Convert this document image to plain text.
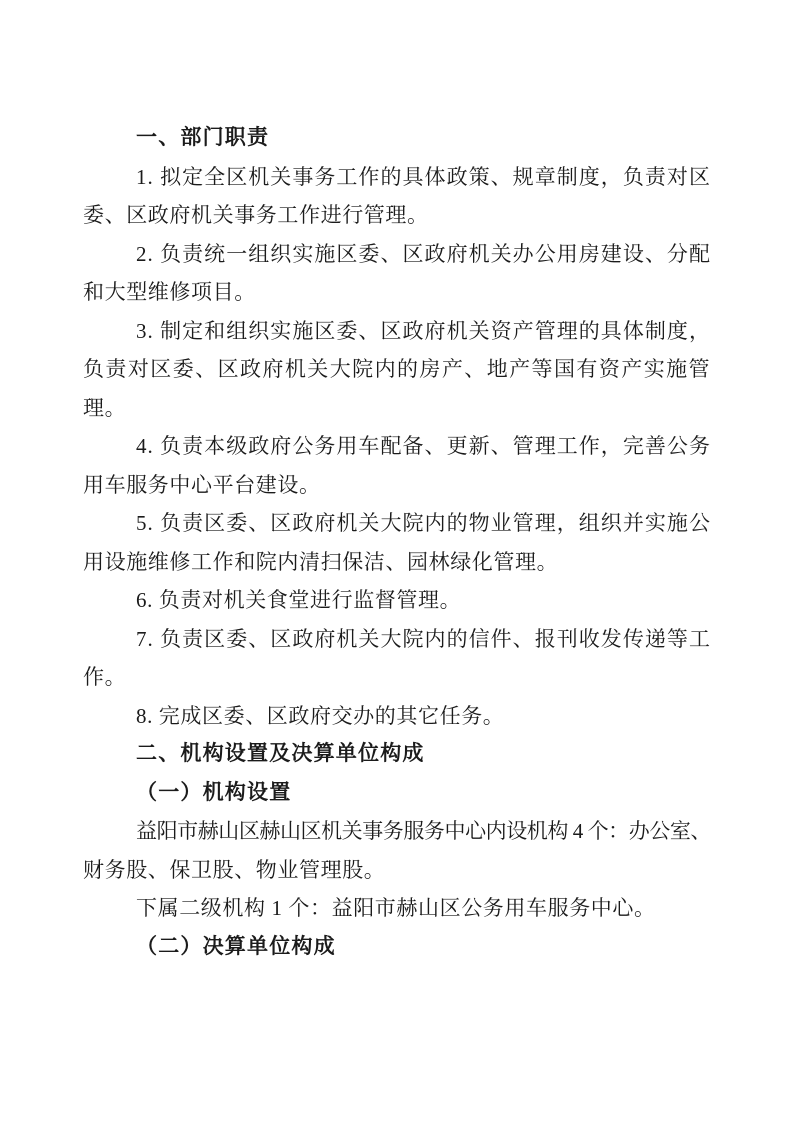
一、部门职责
1. 拟定全区机关事务工作的具体政策、规章制度，负责对区
委、区政府机关事务工作进行管理。
2. 负责统一组织实施区委、区政府机关办公用房建设、分配
和大型维修项目。
3. 制定和组织实施区委、区政府机关资产管理的具体制度，
负责对区委、区政府机关大院内的房产、地产等国有资产实施管
理。
4. 负责本级政府公务用车配备、更新、管理工作，完善公务
用车服务中心平台建设。
5. 负责区委、区政府机关大院内的物业管理，组织并实施公
用设施维修工作和院内清扫保洁、园林绿化管理。
6. 负责对机关食堂进行监督管理。
7. 负责区委、区政府机关大院内的信件、报刊收发传递等工
作。
8. 完成区委、区政府交办的其它任务。
二、机构设置及决算单位构成
（一）机构设置
益阳市赫山区赫山区机关事务服务中心内设机构 4 个：办公室、
财务股、保卫股、物业管理股。
下属二级机构 1 个：益阳市赫山区公务用车服务中心。
（二）决算单位构成
